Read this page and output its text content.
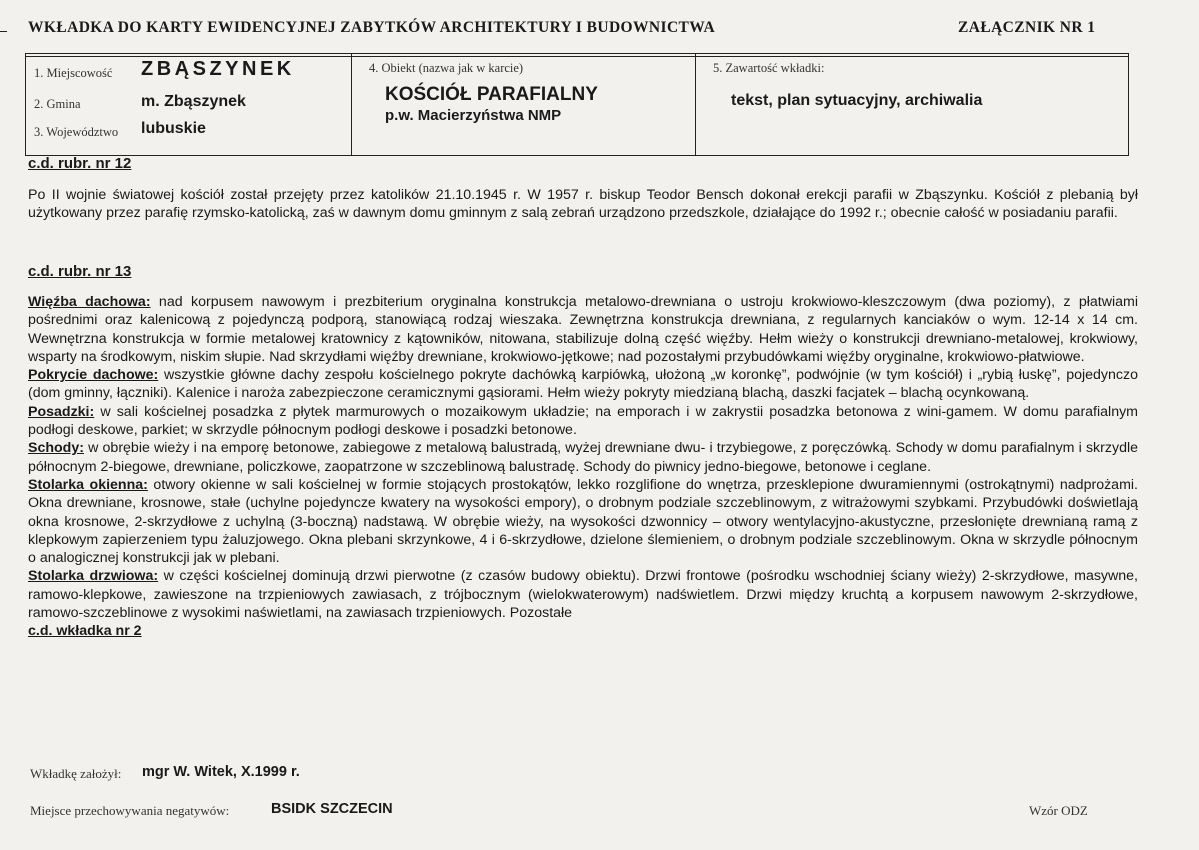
WKŁADKA DO KARTY EWIDENCYJNEJ ZABYTKÓW ARCHITEKTURY I BUDOWNICTWA	ZAŁĄCZNIK NR 1
1. Miejscowość ZBĄSZYNEK
2. Gmina	m. Zbąszynek
3. Województwo lubuskie
4. Obiekt (nazwa jak w karcie)
KOŚCIÓŁ PARAFIALNY
p.w. Macierzyństwa NMP
5. Zawartość wkładki:
tekst, plan sytuacyjny, archiwalia
c.d. rubr. nr 12

Po II wojnie światowej kościół został przejęty przez katolików 21.10.1945 r. W 1957 r. biskup Teodor Bensch dokonał erekcji parafii w Zbąszynku. Kościół z plebanią był użytkowany przez parafię rzymsko-katolicką, zaś w dawnym domu gminnym z salą zebrań urządzono przedszkole, działające do 1992 r.; obecnie całość w posiadaniu parafii.

c.d. rubr. nr 13

Więźba dachowa: nad korpusem nawowym i prezbiterium oryginalna konstrukcja metalowo-drewniana o ustroju krokwiowo-kleszczowym (dwa poziomy), z płatwiami pośrednimi oraz kalenicową z pojedynczą podporą, stanowiącą rodzaj wieszaka. Zewnętrzna konstrukcja drewniana, z regularnych kanciaków o wym. 12-14 x 14 cm. Wewnętrzna konstrukcja w formie metalowej kratownicy z kątowników, nitowana, stabilizuje dolną część więźby. Hełm wieży o konstrukcji drewniano-metalowej, krokwiowy, wsparty na środkowym, niskim słupie. Nad skrzydłami więźby drewniane, krokwiowo-jętkowe; nad pozostałymi przybudówkami więźby oryginalne, krokwiowo-płatwiowe.

Pokrycie dachowe: wszystkie główne dachy zespołu kościelnego pokryte dachówką karpiówką, ułożoną „w koronkę”, podwójnie (w tym kościół) i „rybią łuskę”, pojedynczo (dom gminny, łączniki). Kalenice i naroża zabezpieczone ceramicznymi gąsiorami. Hełm wieży pokryty miedzianą blachą, daszki facjatek – blachą ocynkowaną.

Posadzki: w sali kościelnej posadzka z płytek marmurowych o mozaikowym układzie; na emporach i w zakrystii posadzka betonowa z wini-gamem. W domu parafialnym podłogi deskowe, parkiet; w skrzydle północnym podłogi deskowe i posadzki betonowe.

Schody: w obrębie wieży i na emporę betonowe, zabiegowe z metalową balustradą, wyżej drewniane dwu- i trzybiegowe, z poręczówką. Schody w domu parafialnym i skrzydle północnym 2-biegowe, drewniane, policzkowe, zaopatrzone w szczeblinową balustradę. Schody do piwnicy jedno-biegowe, betonowe i ceglane.

Stolarka okienna: otwory okienne w sali kościelnej w formie stojących prostokątów, lekko rozglifione do wnętrza, przesklepione dwuramiennymi (ostrokątnymi) nadprożami. Okna drewniane, krosnowe, stałe (uchylne pojedyncze kwatery na wysokości empory), o drobnym podziale szczeblinowym, z witrażowymi szybkami. Przybudówki doświetlają okna krosnowe, 2-skrzydłowe z uchylną (3-boczną) nadstawą. W obrębie wieży, na wysokości dzwonnicy – otwory wentylacyjno-akustyczne, przesłonięte drewnianą ramą z klepkowym zapierzeniem typu żaluzjowego. Okna plebani skrzynkowe, 4 i 6-skrzydłowe, dzielone ślemieniem, o drobnym podziale szczeblinowym. Okna w skrzydle północnym o analogicznej konstrukcji jak w plebani.

Stolarka drzwiowa: w części kościelnej dominują drzwi pierwotne (z czasów budowy obiektu). Drzwi frontowe (pośrodku wschodniej ściany wieży) 2-skrzydłowe, masywne, ramowo-klepkowe, zawieszone na trzpieniowych zawiasach, z trójbocznym (wielokwaterowym) nadświetlem. Drzwi między kruchtą a korpusem nawowym 2-skrzydłowe, ramowo-szczeblinowe z wysokimi naświetlami, na zawiasach trzpieniowych. Pozostałe

c.d. wkładka nr 2

Wkładkę założył: mgr W. Witek, X.1999 r.
Miejsce przechowywania negatywów:	BSIDK SZCZECIN	Wzór ODZ
